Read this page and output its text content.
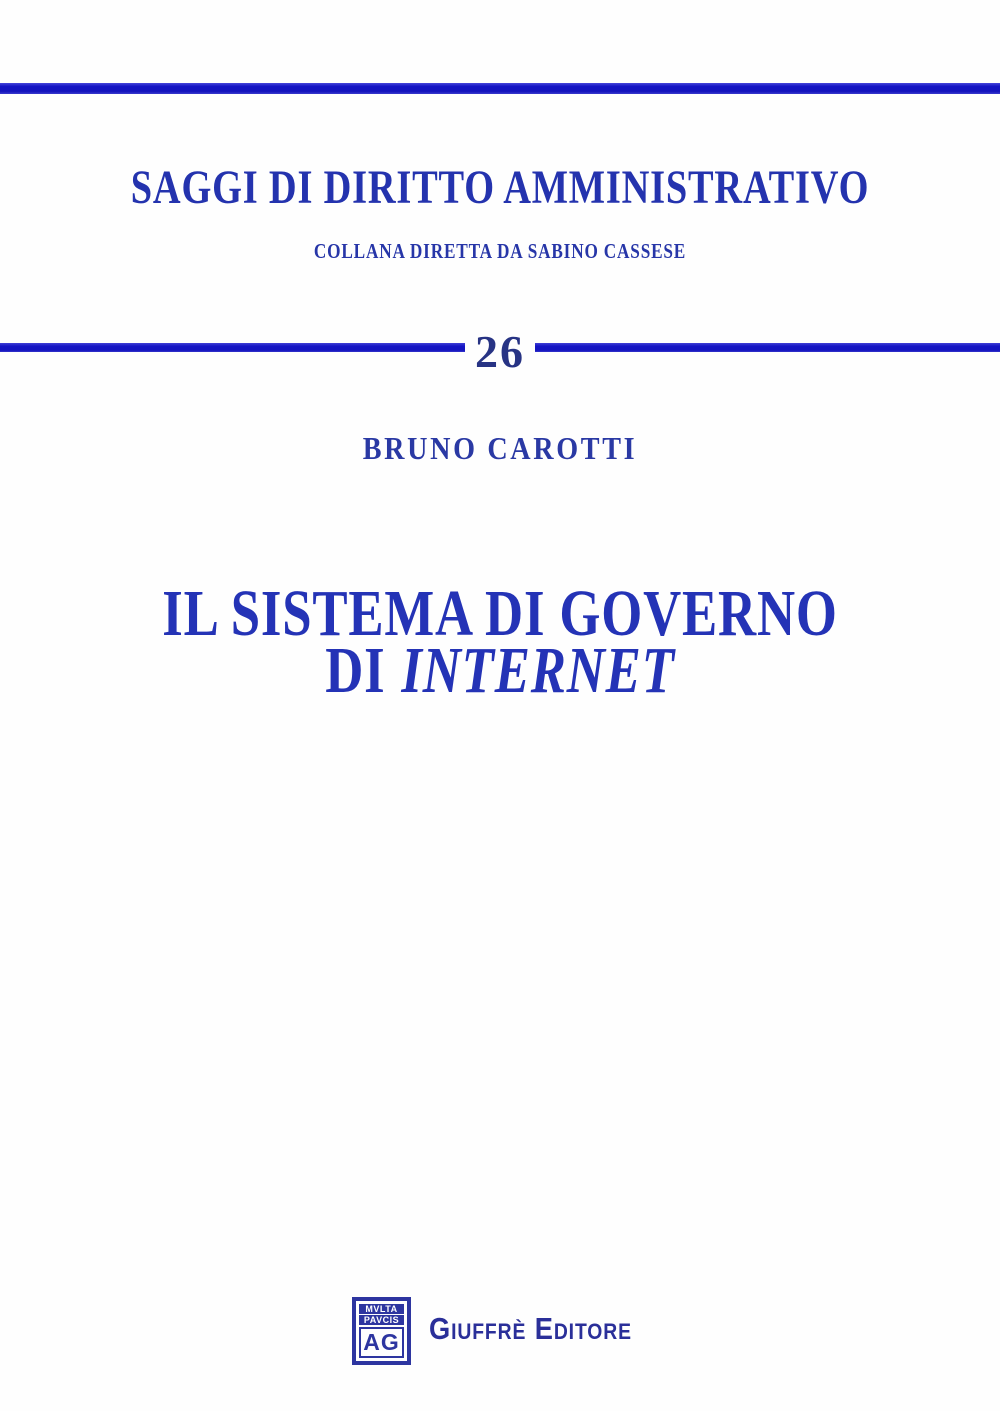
SAGGI DI DIRITTO AMMINISTRATIVO
COLLANA DIRETTA DA SABINO CASSESE
26
BRUNO CAROTTI
IL SISTEMA DI GOVERNO
DI INTERNET
MVLTA
PAVCIS
AG Giuffrè Editore
